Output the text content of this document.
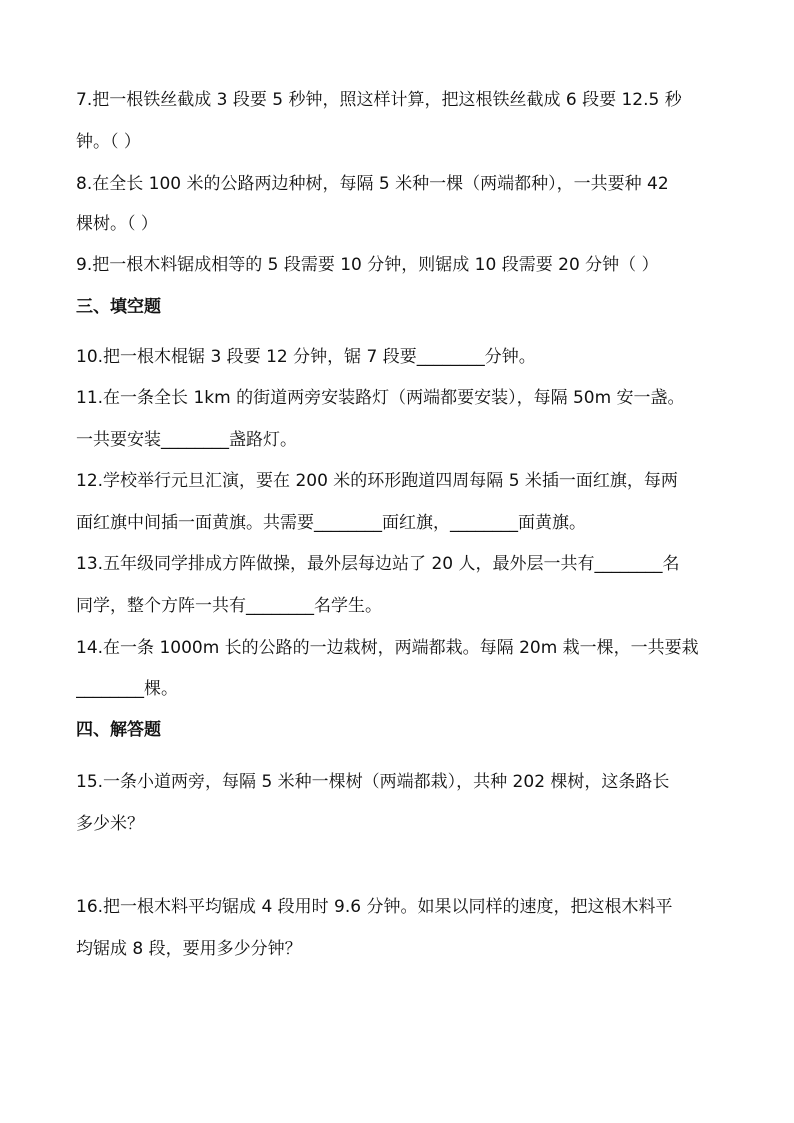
7.把一根铁丝截成 3 段要 5 秒钟，照这样计算，把这根铁丝截成 6 段要 12.5 秒
钟。（ ）
8.在全长 100 米的公路两边种树，每隔 5 米种一棵（两端都种），一共要种 42
棵树。（ ）
9.把一根木料锯成相等的 5 段需要 10 分钟，则锯成 10 段需要 20 分钟（ ）
三、填空题
10.把一根木棍锯 3 段要 12 分钟，锯 7 段要________分钟。
11.在一条全长 1km 的街道两旁安装路灯（两端都要安装），每隔 50m 安一盏。
一共要安装________盏路灯。
12.学校举行元旦汇演，要在 200 米的环形跑道四周每隔 5 米插一面红旗，每两
面红旗中间插一面黄旗。共需要________面红旗，________面黄旗。
13.五年级同学排成方阵做操，最外层每边站了 20 人，最外层一共有________名
同学，整个方阵一共有________名学生。
14.在一条 1000m 长的公路的一边栽树，两端都栽。每隔 20m 栽一棵，一共要栽
________棵。
四、解答题
15.一条小道两旁，每隔 5 米种一棵树（两端都栽），共种 202 棵树，这条路长
多少米？
16.把一根木料平均锯成 4 段用时 9.6 分钟。如果以同样的速度，把这根木料平
均锯成 8 段，要用多少分钟？
